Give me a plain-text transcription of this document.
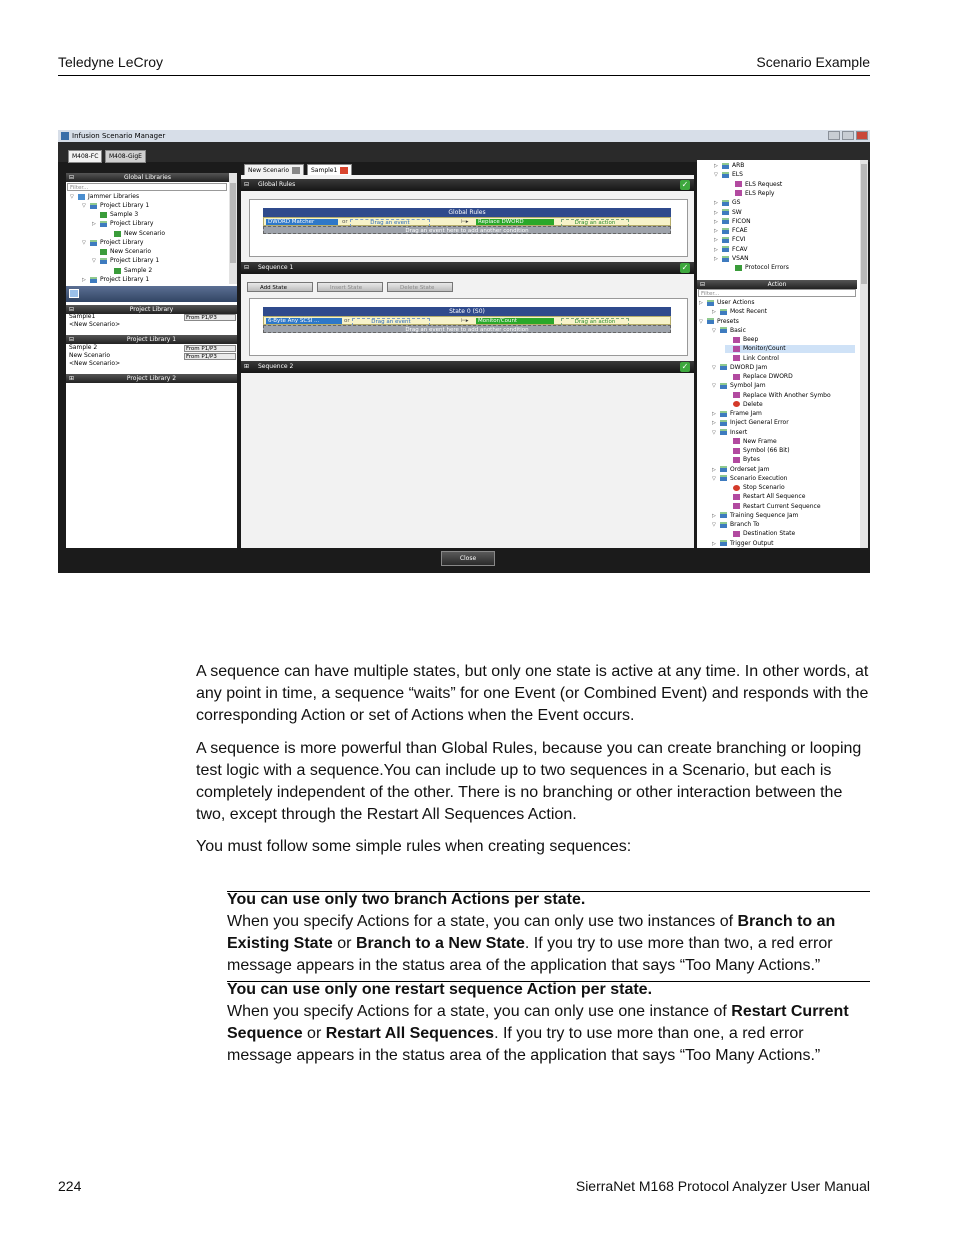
Teledyne LeCroy	Scenario Example
Infusion Scenario Manager
M408-FC	M408-GigE
⊟	Global Libraries
Filter...
▽ Jammer Libraries
▽ Project Library 1
Sample 3
▷ Project Library
New Scenario
▽ Project Library
New Scenario
▽ Project Library 1
Sample 2
▷ Project Library 1
⊟	Project Library
Sample1	From P1/P3
<New Scenario>
⊟	Project Library 1
Sample 2	From P1/P3
New Scenario	From P1/P3
<New Scenario>
⊞	Project Library 2
New Scenario	Sample1
⊟ Global Rules	✓
Global Rules
DWORD Matcher	or	Drag an event	⊢▸	Replace DWORD	Drag an action
Drag an event here to add another condition
⊟ Sequence 1	✓
Add State	Insert State	Delete State
State 0 (S0)
6-Byte Any SCSI ...	or	Drag an event	⊢▸	Monitor/Count	Drag an action
Drag an event here to add another condition
⊞ Sequence 2	✓
▷ ARB
▽ ELS
ELS Request
ELS Reply
▷ GS
▷ SW
▷ FICON
▷ FCAE
▷ FCVI
▷ FCAV
▷ VSAN
Protocol Errors
⊟	Action
Filter...
▷ User Actions
▷ Most Recent
▽ Presets
▽ Basic
Beep
Monitor/Count
Link Control
▽ DWORD Jam
Replace DWORD
▽ Symbol Jam
Replace With Another Symbo
Delete
▷ Frame Jam
▷ Inject General Error
▽ Insert
New Frame
Symbol (66 Bit)
Bytes
▷ Orderset Jam
▽ Scenario Execution
Stop Scenario
Restart All Sequence
Restart Current Sequence
▷ Training Sequence Jam
▽ Branch To
Destination State
▷ Trigger Output
Close
A sequence can have multiple states, but only one state is active at any time. In other words, at any point in time, a sequence “waits” for one Event (or Combined Event) and responds with the corresponding Action or set of Actions when the Event occurs.
A sequence is more powerful than Global Rules, because you can create branching or looping test logic with a sequence.You can include up to two sequences in a Scenario, but each is completely independent of the other. There is no branching or other interaction between the two, except through the Restart All Sequences Action.
You must follow some simple rules when creating sequences:
You can use only two branch Actions per state.
When you specify Actions for a state, you can only use two instances of Branch to an Existing State or Branch to a New State. If you try to use more than two, a red error message appears in the status area of the application that says “Too Many Actions.”
You can use only one restart sequence Action per state.
When you specify Actions for a state, you can only use one instance of Restart Current Sequence or Restart All Sequences. If you try to use more than one, a red error message appears in the status area of the application that says “Too Many Actions.”
224	SierraNet M168 Protocol Analyzer User Manual
